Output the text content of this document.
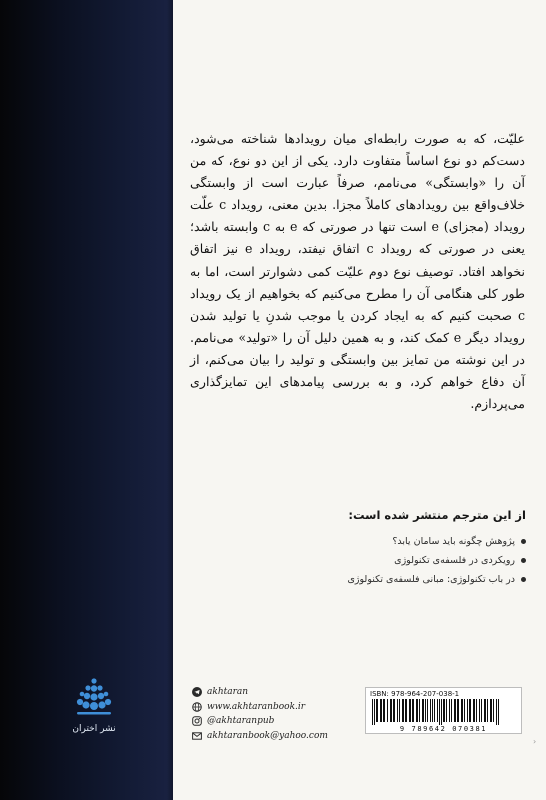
علیّت، که به صورت رابطه‌ای میان رویدادها شناخته می‌شود، دست‌کم دو نوع اساساً متفاوت دارد. یکی از این دو نوع، که من آن را «وابستگی» می‌نامم، صرفاً عبارت است از وابستگی خلاف‌واقع بین رویدادهای کاملاً مجزا. بدین معنی، رویداد c علّت رویداد (مجزای) e است تنها در صورتی که e به c وابسته باشد؛ یعنی در صورتی که رویداد c اتفاق نیفتد، رویداد e نیز اتفاق نخواهد افتاد. توصیف نوع دوم علیّت کمی دشوارتر است، اما به طور کلی هنگامی آن را مطرح می‌کنیم که بخواهیم از یک رویداد c صحبت کنیم که به ایجاد کردن یا موجب شدنِ یا تولید شدن رویداد دیگر e کمک کند، و به همین دلیل آن را «تولید» می‌نامم. در این نوشته من تمایز بین وابستگی و تولید را بیان می‌کنم، از آن دفاع خواهم کرد، و به بررسی پیامدهای این تمایزگذاری می‌پردازم.
از این مترجم منتشر شده است:
پژوهش چگونه باید سامان یابد؟
رویکردی در فلسفه‌ی تکنولوژی
در باب تکنولوژی: مبانی فلسفه‌ی تکنولوژی
نشر اختران
akhtaran
www.akhtaranbook.ir
@akhtaranpub
akhtaranbook@yahoo.com
ISBN: 978-964-207-038-1
9 789642 070381
›
